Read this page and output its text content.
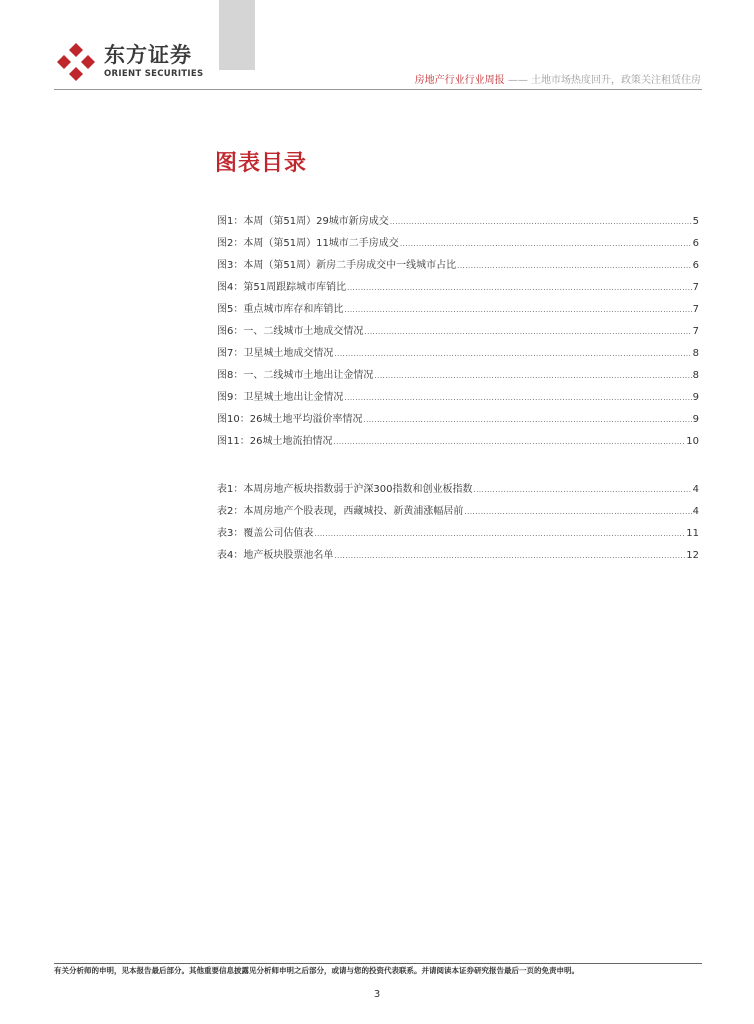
东方证券
ORIENT SECURITIES
房地产行业行业周报 —— 土地市场热度回升，政策关注租赁住房
图表目录
图1：本周（第51周）29城市新房成交 .....	5
图2：本周（第51周）11城市二手房成交 .....	6
图3：本周（第51周）新房二手房成交中一线城市占比 .....	6
图4：第51周跟踪城市库销比 .....	7
图5：重点城市库存和库销比 .....	7
图6：一、二线城市土地成交情况 .....	7
图7：卫星城土地成交情况 .....	8
图8：一、二线城市土地出让金情况 .....	8
图9：卫星城土地出让金情况 .....	9
图10：26城土地平均溢价率情况 .....	9
图11：26城土地流拍情况 .....	10
表1：本周房地产板块指数弱于沪深300指数和创业板指数 .....	4
表2：本周房地产个股表现，西藏城投、新黄浦涨幅居前 .....	4
表3：覆盖公司估值表 .....	11
表4：地产板块股票池名单 .....	12
有关分析师的申明，见本报告最后部分。其他重要信息披露见分析师申明之后部分，或请与您的投资代表联系。并请阅读本证券研究报告最后一页的免责申明。
3
